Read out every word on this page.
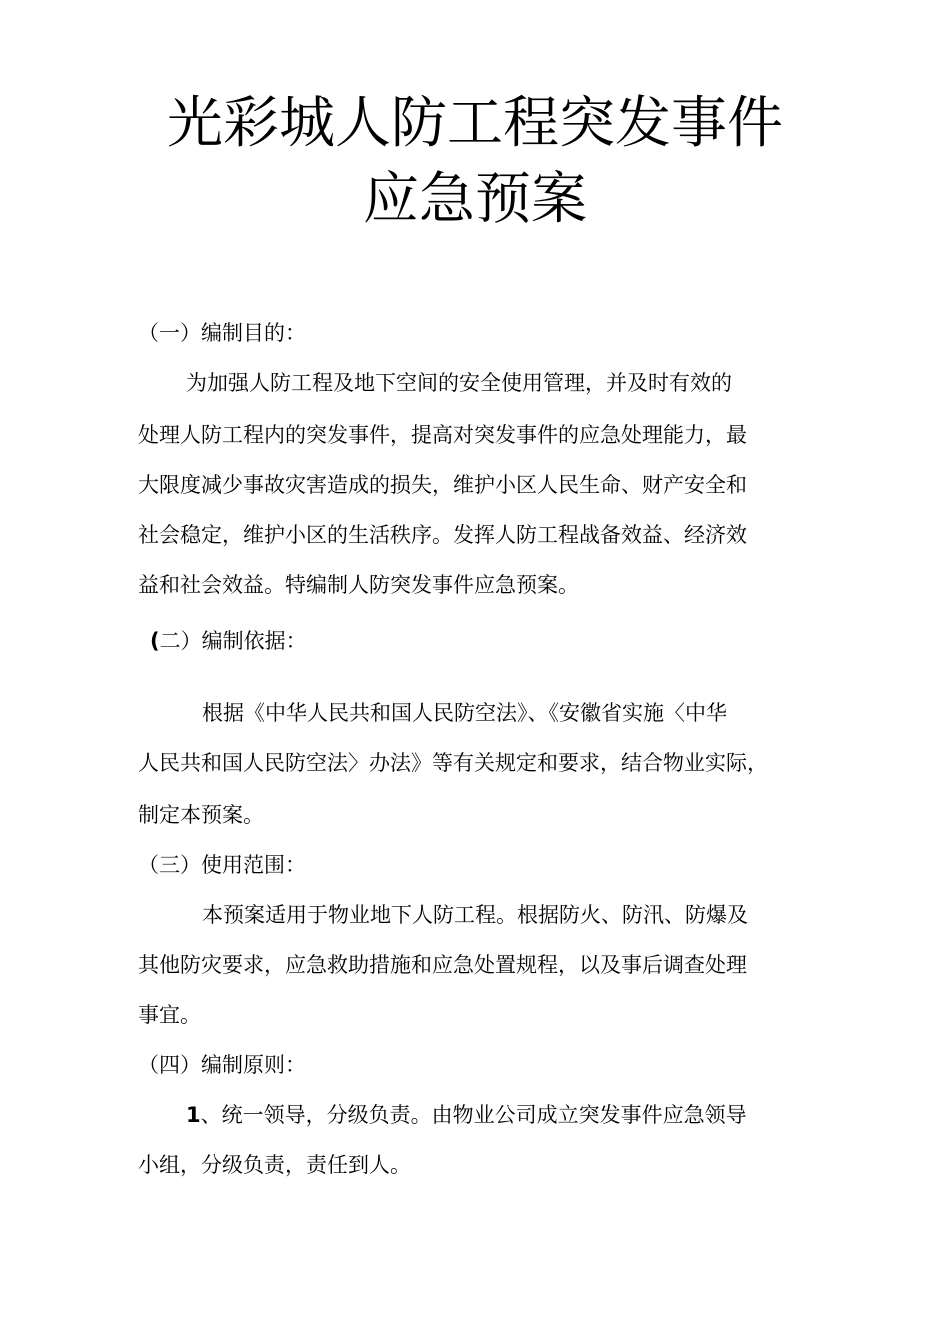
光彩城人防工程突发事件
应急预案

（一）编制目的：

为加强人防工程及地下空间的安全使用管理，并及时有效的

处理人防工程内的突发事件，提高对突发事件的应急处理能力，最

大限度减少事故灾害造成的损失，维护小区人民生命、财产安全和

社会稳定，维护小区的生活秩序。发挥人防工程战备效益、经济效

益和社会效益。特编制人防突发事件应急预案。

(二）编制依据：

根据《中华人民共和国人民防空法》、《安徽省实施〈中华

人民共和国人民防空法〉办法》等有关规定和要求，结合物业实际，

制定本预案。

（三）使用范围：

本预案适用于物业地下人防工程。根据防火、防汛、防爆及

其他防灾要求，应急救助措施和应急处置规程，以及事后调查处理

事宜。

（四）编制原则：

1、统一领导，分级负责。由物业公司成立突发事件应急领导

小组，分级负责，责任到人。
